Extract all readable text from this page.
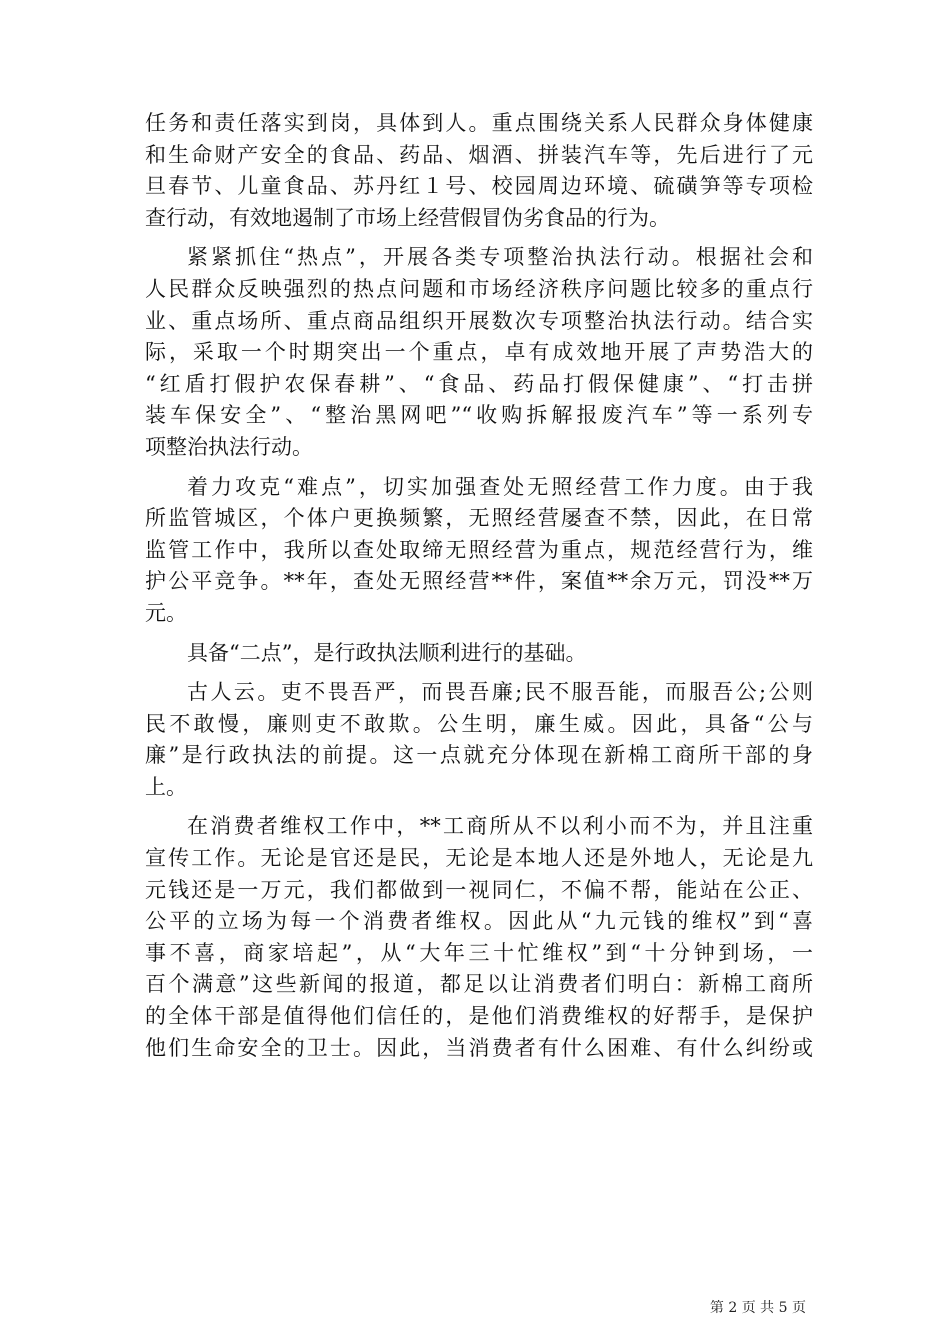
任务和责任落实到岗，具体到人。重点围绕关系人民群众身体健康
和生命财产安全的食品、药品、烟酒、拼装汽车等，先后进行了元
旦春节、儿童食品、苏丹红１号、校园周边环境、硫磺笋等专项检
查行动，有效地遏制了市场上经营假冒伪劣食品的行为。
紧紧抓住“热点”，开展各类专项整治执法行动。根据社会和
人民群众反映强烈的热点问题和市场经济秩序问题比较多的重点行
业、重点场所、重点商品组织开展数次专项整治执法行动。结合实
际，采取一个时期突出一个重点，卓有成效地开展了声势浩大的
“红盾打假护农保春耕”、“食品、药品打假保健康”、“打击拼
装车保安全”、“整治黑网吧”“收购拆解报废汽车”等一系列专
项整治执法行动。
着力攻克“难点”，切实加强查处无照经营工作力度。由于我
所监管城区，个体户更换频繁，无照经营屡查不禁，因此，在日常
监管工作中，我所以查处取缔无照经营为重点，规范经营行为，维
护公平竞争。**年，查处无照经营**件，案值**余万元，罚没**万
元。
具备“二点”，是行政执法顺利进行的基础。
古人云。吏不畏吾严，而畏吾廉;民不服吾能，而服吾公;公则
民不敢慢，廉则吏不敢欺。公生明，廉生威。因此，具备“公与
廉”是行政执法的前提。这一点就充分体现在新棉工商所干部的身
上。
在消费者维权工作中，**工商所从不以利小而不为，并且注重
宣传工作。无论是官还是民，无论是本地人还是外地人，无论是九
元钱还是一万元，我们都做到一视同仁，不偏不帮，能站在公正、
公平的立场为每一个消费者维权。因此从“九元钱的维权”到“喜
事不喜，商家培起”，从“大年三十忙维权”到“十分钟到场，一
百个满意”这些新闻的报道，都足以让消费者们明白：新棉工商所
的全体干部是值得他们信任的，是他们消费维权的好帮手，是保护
他们生命安全的卫士。因此，当消费者有什么困难、有什么纠纷或
第 2 页 共 5 页
